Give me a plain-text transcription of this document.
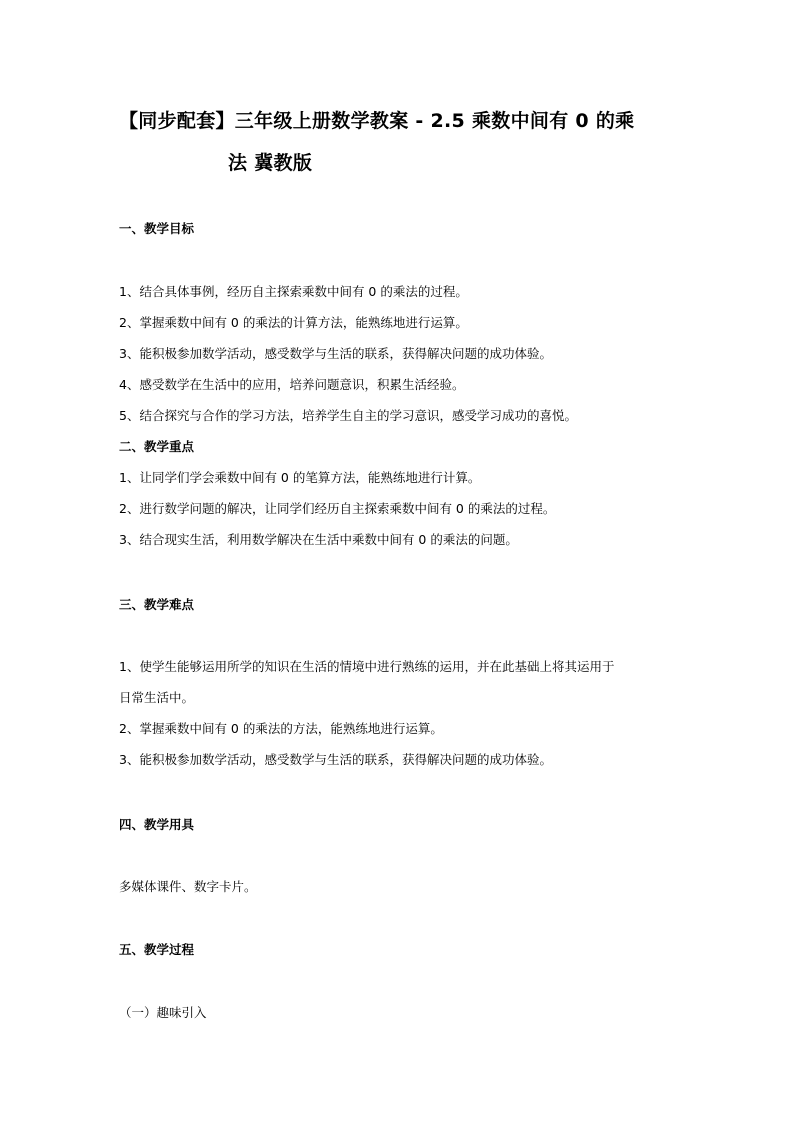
【同步配套】三年级上册数学教案 - 2.5 乘数中间有 0 的乘
法 冀教版
一、教学目标
1、结合具体事例，经历自主探索乘数中间有 0 的乘法的过程。
2、掌握乘数中间有 0 的乘法的计算方法，能熟练地进行运算。
3、能积极参加数学活动，感受数学与生活的联系，获得解决问题的成功体验。
4、感受数学在生活中的应用，培养问题意识，积累生活经验。
5、结合探究与合作的学习方法，培养学生自主的学习意识，感受学习成功的喜悦。
二、教学重点
1、让同学们学会乘数中间有 0 的笔算方法，能熟练地进行计算。
2、进行数学问题的解决，让同学们经历自主探索乘数中间有 0 的乘法的过程。
3、结合现实生活，利用数学解决在生活中乘数中间有 0 的乘法的问题。
三、教学难点
1、使学生能够运用所学的知识在生活的情境中进行熟练的运用，并在此基础上将其运用于
日常生活中。
2、掌握乘数中间有 0 的乘法的方法，能熟练地进行运算。
3、能积极参加数学活动，感受数学与生活的联系，获得解决问题的成功体验。
四、教学用具
多媒体课件、数字卡片。
五、教学过程
（一）趣味引入
